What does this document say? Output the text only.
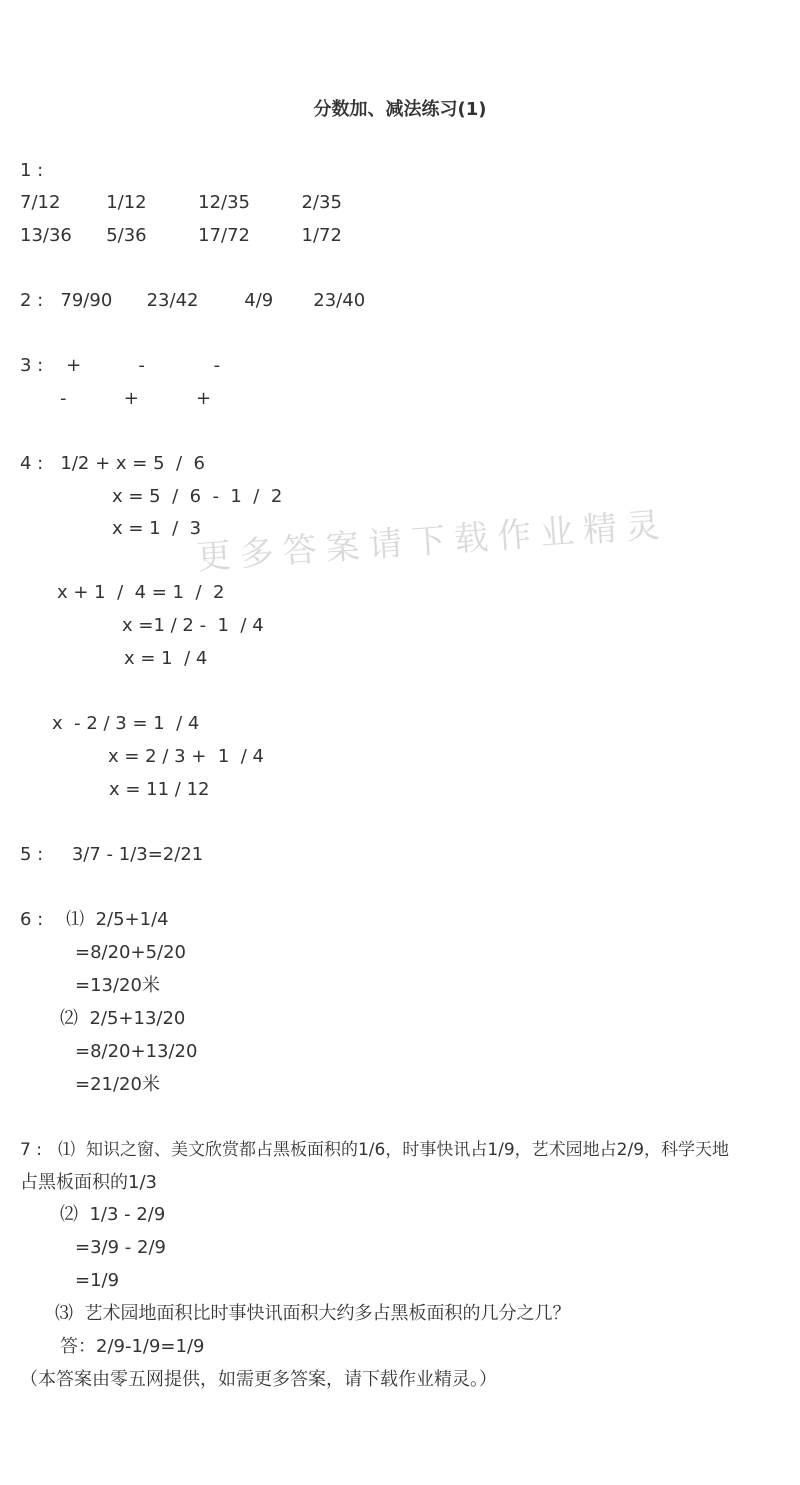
分数加、减法练习(1)
更多答案请下载作业精灵
1 :
7/12        1/12         12/35         2/35
13/36      5/36         17/72         1/72
2 :   79/90      23/42        4/9       23/40
3 :    +          -            -
-          +          +
4 :   1/2 + x = 5  /  6
x = 5  /  6  -  1  /  2
x = 1  /  3
x + 1  /  4 = 1  /  2
x =1 / 2 -  1  / 4
x = 1  / 4
x  - 2 / 3 = 1  / 4
x = 2 / 3 +  1  / 4
x = 11 / 12
5 :     3/7 - 1/3=2/21
6 :    ⑴  2/5+1/4
=8/20+5/20
=13/20米
⑵  2/5+13/20
=8/20+13/20
=21/20米
7 :   ⑴  知识之窗、美文欣赏都占黑板面积的1/6，时事快讯占1/9，艺术园地占2/9，科学天地
占黑板面积的1/3
⑵  1/3 - 2/9
=3/9 - 2/9
=1/9
⑶  艺术园地面积比时事快讯面积大约多占黑板面积的几分之几？
答：2/9-1/9=1/9
（本答案由零五网提供，如需更多答案，请下载作业精灵。）
